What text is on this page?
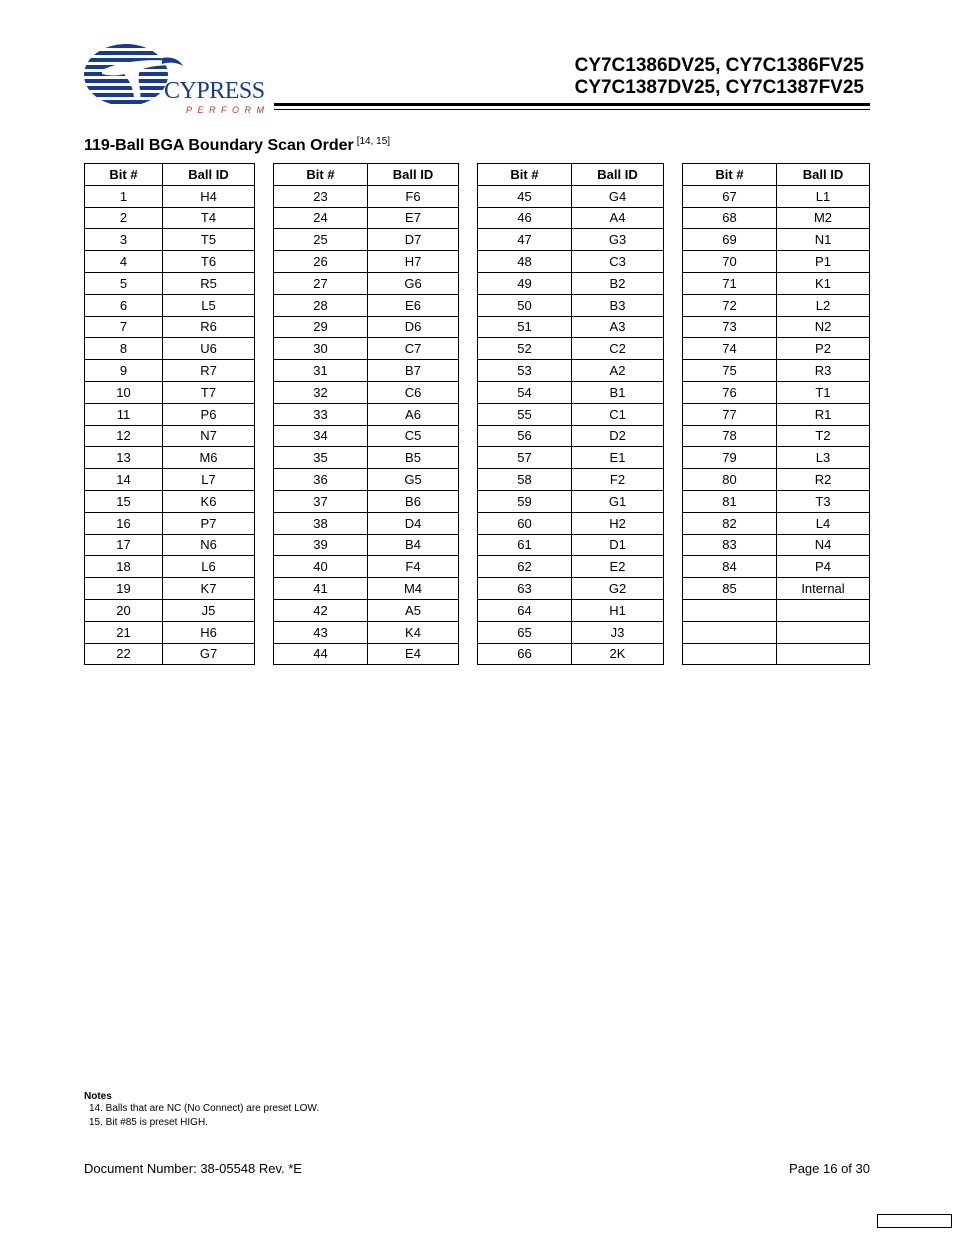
CYPRESS
PERFORM
CY7C1386DV25, CY7C1386FV25
CY7C1387DV25, CY7C1387FV25
119-Ball BGA Boundary Scan Order [14, 15]
Bit #	Ball ID
1	H4
2	T4
3	T5
4	T6
5	R5
6	L5
7	R6
8	U6
9	R7
10	T7
11	P6
12	N7
13	M6
14	L7
15	K6
16	P7
17	N6
18	L6
19	K7
20	J5
21	H6
22	G7
Bit #	Ball ID
23	F6
24	E7
25	D7
26	H7
27	G6
28	E6
29	D6
30	C7
31	B7
32	C6
33	A6
34	C5
35	B5
36	G5
37	B6
38	D4
39	B4
40	F4
41	M4
42	A5
43	K4
44	E4
Bit #	Ball ID
45	G4
46	A4
47	G3
48	C3
49	B2
50	B3
51	A3
52	C2
53	A2
54	B1
55	C1
56	D2
57	E1
58	F2
59	G1
60	H2
61	D1
62	E2
63	G2
64	H1
65	J3
66	2K
Bit #	Ball ID
67	L1
68	M2
69	N1
70	P1
71	K1
72	L2
73	N2
74	P2
75	R3
76	T1
77	R1
78	T2
79	L3
80	R2
81	T3
82	L4
83	N4
84	P4
85	Internal

Notes
14. Balls that are NC (No Connect) are preset LOW.
15. Bit #85 is preset HIGH.
Document Number: 38-05548 Rev. *E	Page 16 of 30
